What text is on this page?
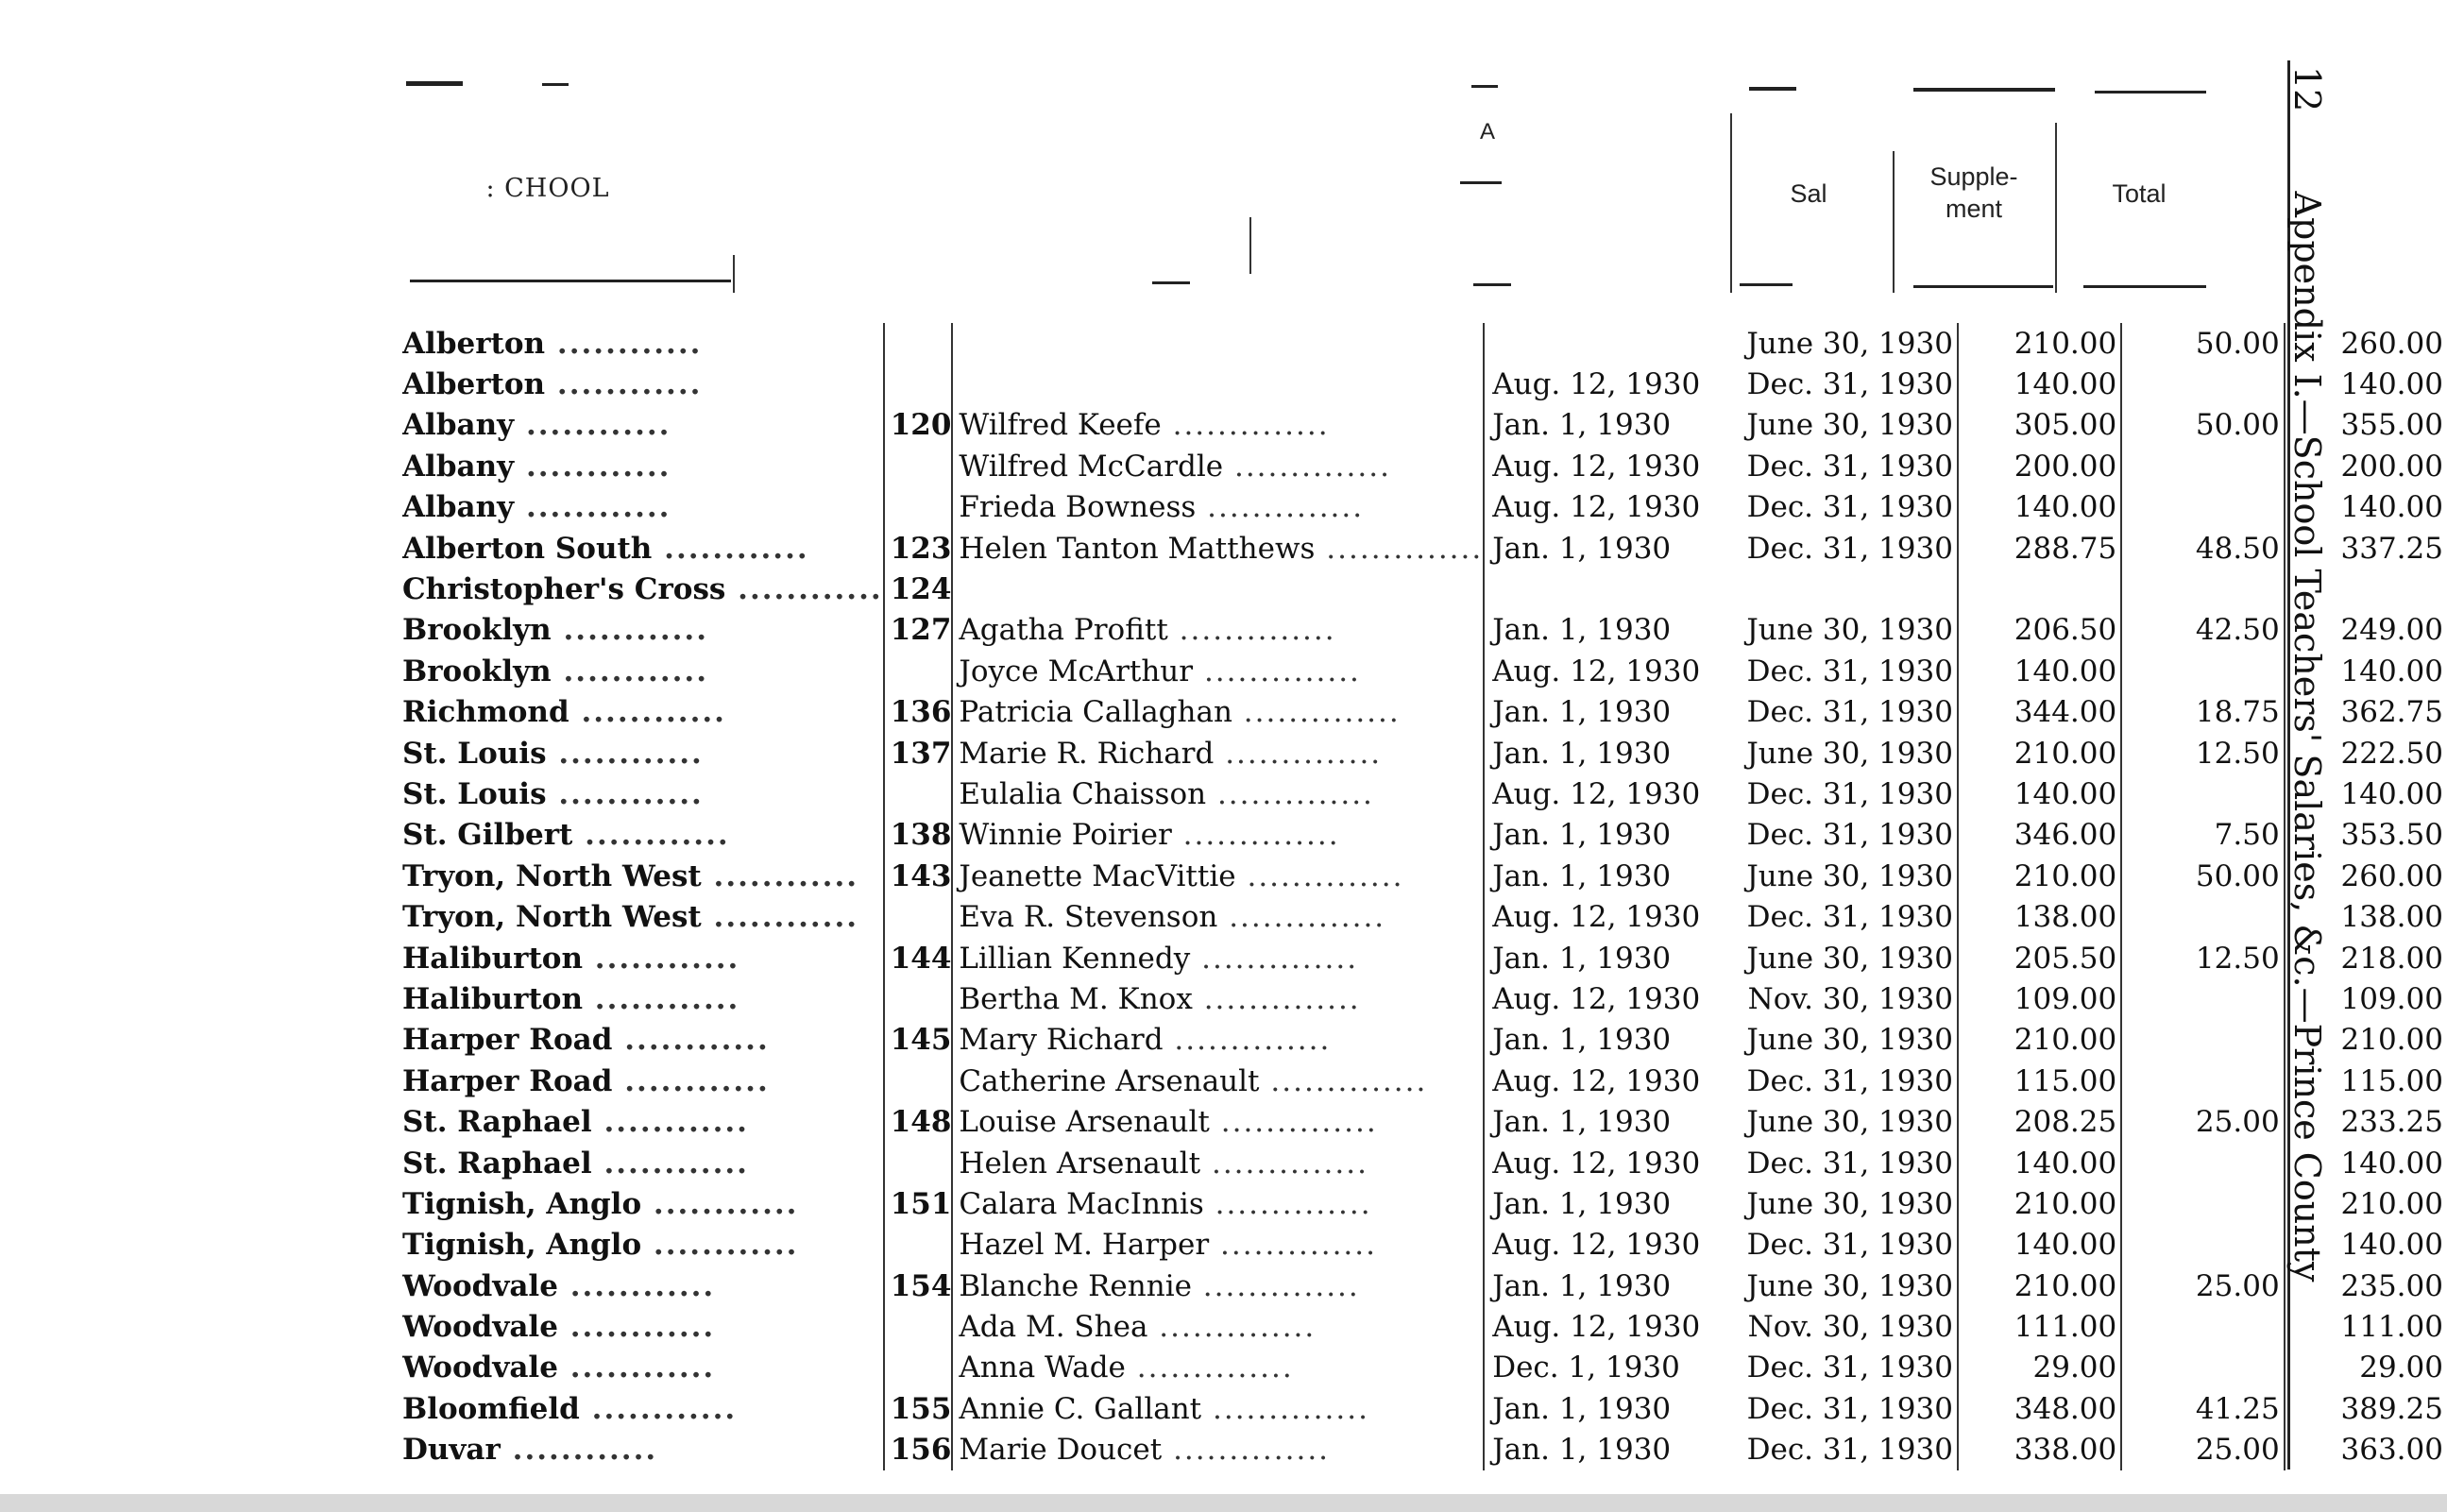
: CHOOL
A
Sal
Supple- ment
Total
Alberton ............				June 30, 1930	210.00	50.00	260.00
Alberton ............			Aug. 12, 1930	Dec. 31, 1930	140.00		140.00
Albany ............	120	Wilfred Keefe ..............	Jan. 1, 1930	June 30, 1930	305.00	50.00	355.00
Albany ............		Wilfred McCardle ..............	Aug. 12, 1930	Dec. 31, 1930	200.00		200.00
Albany ............		Frieda Bowness ..............	Aug. 12, 1930	Dec. 31, 1930	140.00		140.00
Alberton South ............	123	Helen Tanton Matthews ..............	Jan. 1, 1930	Dec. 31, 1930	288.75	48.50	337.25
Christopher's Cross ............	124						
Brooklyn ............	127	Agatha Profitt ..............	Jan. 1, 1930	June 30, 1930	206.50	42.50	249.00
Brooklyn ............		Joyce McArthur ..............	Aug. 12, 1930	Dec. 31, 1930	140.00		140.00
Richmond ............	136	Patricia Callaghan ..............	Jan. 1, 1930	Dec. 31, 1930	344.00	18.75	362.75
St. Louis ............	137	Marie R. Richard ..............	Jan. 1, 1930	June 30, 1930	210.00	12.50	222.50
St. Louis ............		Eulalia Chaisson ..............	Aug. 12, 1930	Dec. 31, 1930	140.00		140.00
St. Gilbert ............	138	Winnie Poirier ..............	Jan. 1, 1930	Dec. 31, 1930	346.00	7.50	353.50
Tryon, North West ............	143	Jeanette MacVittie ..............	Jan. 1, 1930	June 30, 1930	210.00	50.00	260.00
Tryon, North West ............		Eva R. Stevenson ..............	Aug. 12, 1930	Dec. 31, 1930	138.00		138.00
Haliburton ............	144	Lillian Kennedy ..............	Jan. 1, 1930	June 30, 1930	205.50	12.50	218.00
Haliburton ............		Bertha M. Knox ..............	Aug. 12, 1930	Nov. 30, 1930	109.00		109.00
Harper Road ............	145	Mary Richard ..............	Jan. 1, 1930	June 30, 1930	210.00		210.00
Harper Road ............		Catherine Arsenault ..............	Aug. 12, 1930	Dec. 31, 1930	115.00		115.00
St. Raphael ............	148	Louise Arsenault ..............	Jan. 1, 1930	June 30, 1930	208.25	25.00	233.25
St. Raphael ............		Helen Arsenault ..............	Aug. 12, 1930	Dec. 31, 1930	140.00		140.00
Tignish, Anglo ............	151	Calara MacInnis ..............	Jan. 1, 1930	June 30, 1930	210.00		210.00
Tignish, Anglo ............		Hazel M. Harper ..............	Aug. 12, 1930	Dec. 31, 1930	140.00		140.00
Woodvale ............	154	Blanche Rennie ..............	Jan. 1, 1930	June 30, 1930	210.00	25.00	235.00
Woodvale ............		Ada M. Shea ..............	Aug. 12, 1930	Nov. 30, 1930	111.00		111.00
Woodvale ............		Anna Wade ..............	Dec. 1, 1930	Dec. 31, 1930	29.00		29.00
Bloomfield ............	155	Annie C. Gallant ..............	Jan. 1, 1930	Dec. 31, 1930	348.00	41.25	389.25
Duvar ............	156	Marie Doucet ..............	Jan. 1, 1930	Dec. 31, 1930	338.00	25.00	363.00
12  Appendix I.—School Teachers' Salaries, &c.—Prince County
